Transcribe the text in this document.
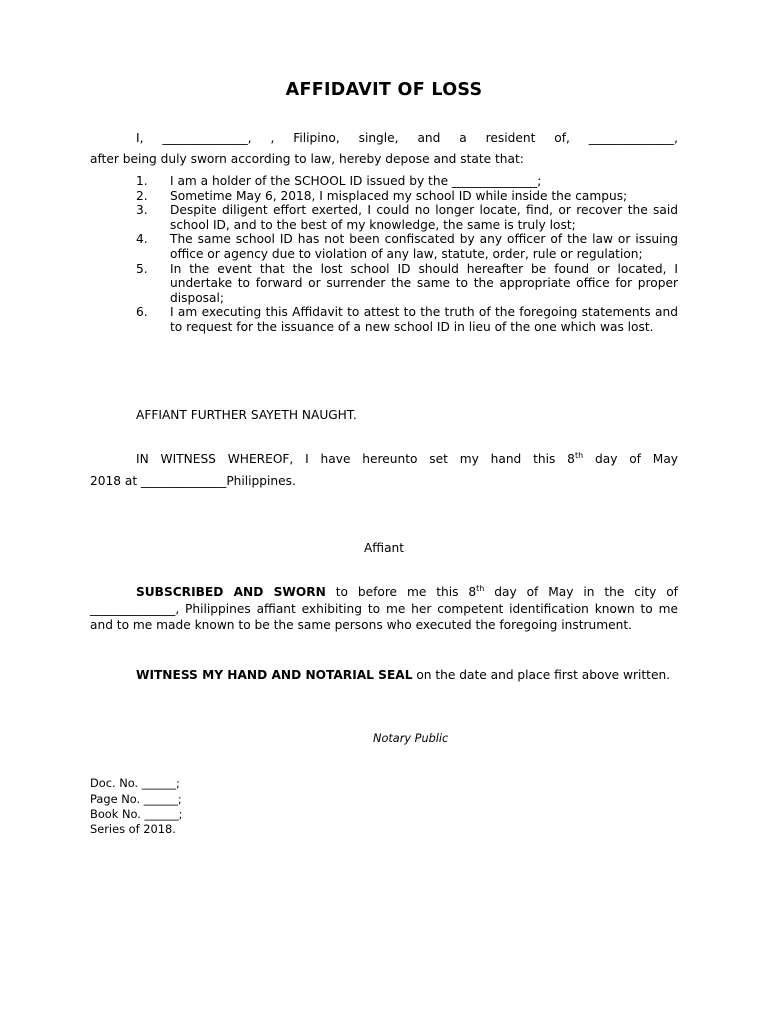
AFFIDAVIT OF LOSS
I, ______________, , Filipino, single, and a resident of, ______________,
after being duly sworn according to law, hereby depose and state that:
1. I am a holder of the SCHOOL ID issued by the ______________;
2. Sometime May 6, 2018, I misplaced my school ID while inside the campus;
3. Despite diligent effort exerted, I could no longer locate, find, or recover the said school ID, and to the best of my knowledge, the same is truly lost;
4. The same school ID has not been confiscated by any officer of the law or issuing office or agency due to violation of any law, statute, order, rule or regulation;
5. In the event that the lost school ID should hereafter be found or located, I undertake to forward or surrender the same to the appropriate office for proper disposal;
6. I am executing this Affidavit to attest to the truth of the foregoing statements and to request for the issuance of a new school ID in lieu of the one which was lost.
AFFIANT FURTHER SAYETH NAUGHT.
IN WITNESS WHEREOF, I have hereunto set my hand this 8th day of May
2018 at ______________Philippines.
Affiant

SUBSCRIBED AND SWORN to before me this 8th day of May in the city of ______________, Philippines affiant exhibiting to me her competent identification known to me and to me made known to be the same persons who executed the foregoing instrument.

WITNESS MY HAND AND NOTARIAL SEAL on the date and place first above written.

Notary Public
Doc. No. ______;
Page No. ______;
Book No. ______;
Series of 2018.
